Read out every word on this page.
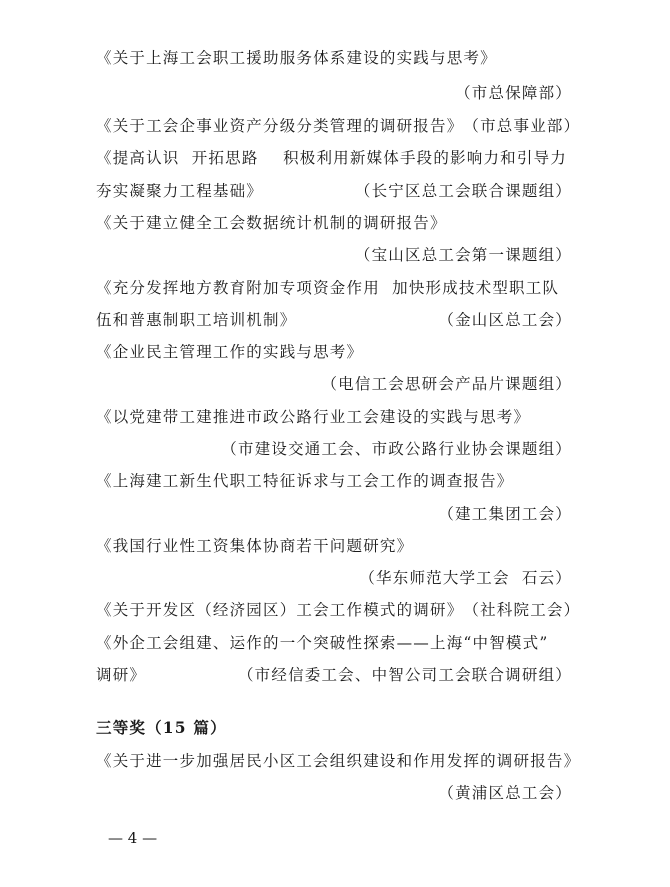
《关于上海工会职工援助服务体系建设的实践与思考》
（市总保障部）
《关于工会企事业资产分级分类管理的调研报告》 （市总事业部）
《提高认识  开拓思路    积极利用新媒体手段的影响力和引导力
夯实凝聚力工程基础》	（长宁区总工会联合课题组）
《关于建立健全工会数据统计机制的调研报告》
（宝山区总工会第一课题组）
《充分发挥地方教育附加专项资金作用  加快形成技术型职工队
伍和普惠制职工培训机制》	（金山区总工会）
《企业民主管理工作的实践与思考》
（电信工会思研会产品片课题组）
《以党建带工建推进市政公路行业工会建设的实践与思考》
（市建设交通工会、市政公路行业协会课题组）
《上海建工新生代职工特征诉求与工会工作的调查报告》
（建工集团工会）
《我国行业性工资集体协商若干问题研究》
（华东师范大学工会  石云）
《关于开发区（经济园区）工会工作模式的调研》 （社科院工会）
《外企工会组建、运作的一个突破性探索——上海“中智模式”
调研》	（市经信委工会、中智公司工会联合调研组）
三等奖（15 篇）
《关于进一步加强居民小区工会组织建设和作用发挥的调研报告》
（黄浦区总工会）
— 4 —
